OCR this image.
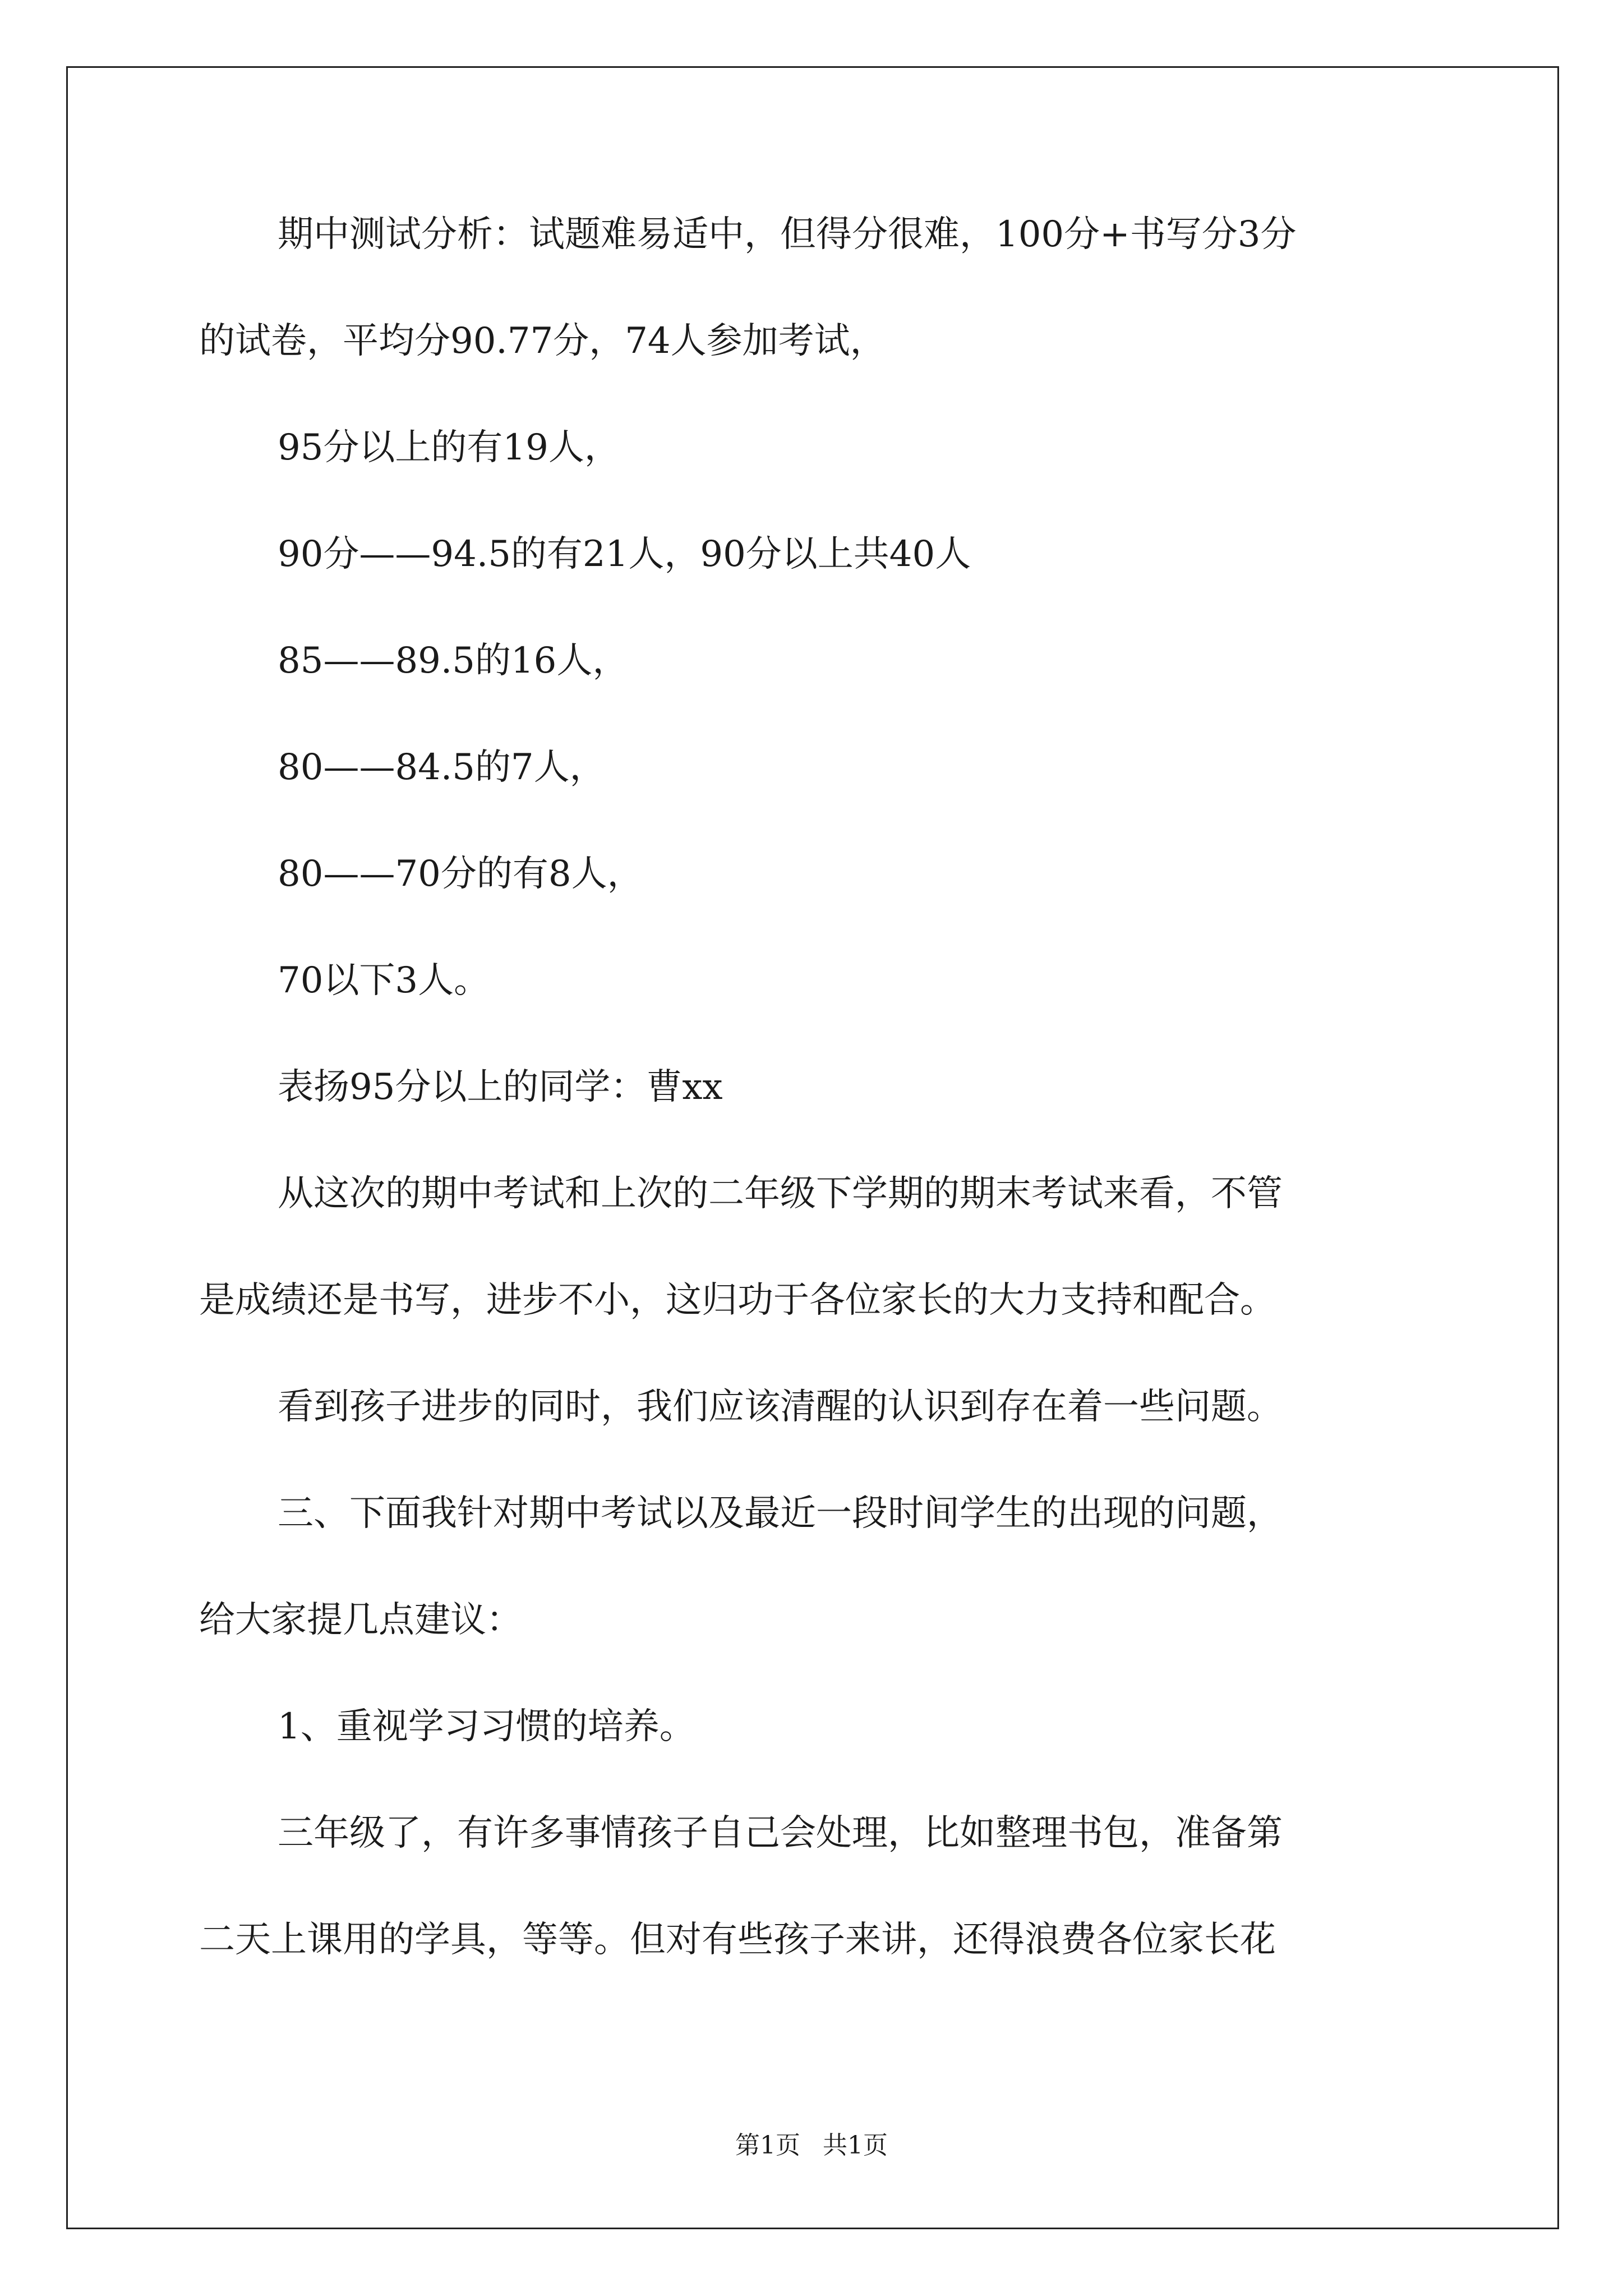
期中测试分析：试题难易适中，但得分很难，100分+书写分3分
的试卷，平均分90.77分，74人参加考试，
95分以上的有19人，
90分——94.5的有21人，90分以上共40人
85——89.5的16人，
80——84.5的7人，
80——70分的有8人，
70以下3人。
表扬95分以上的同学：曹xx
从这次的期中考试和上次的二年级下学期的期末考试来看，不管
是成绩还是书写，进步不小，这归功于各位家长的大力支持和配合。
看到孩子进步的同时，我们应该清醒的认识到存在着一些问题。
三、下面我针对期中考试以及最近一段时间学生的出现的问题，
给大家提几点建议：
1、重视学习习惯的培养。
三年级了，有许多事情孩子自己会处理，比如整理书包，准备第
二天上课用的学具，等等。但对有些孩子来讲，还得浪费各位家长花
第1页 共1页
